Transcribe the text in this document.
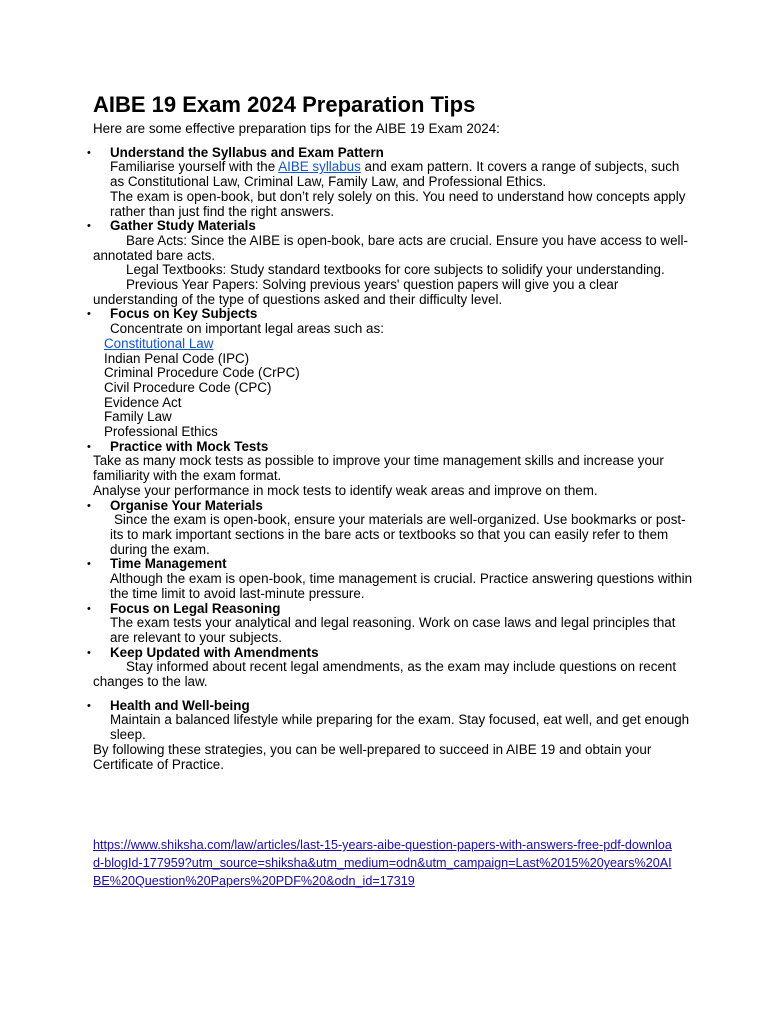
AIBE 19 Exam 2024 Preparation Tips

Here are some effective preparation tips for the AIBE 19 Exam 2024:

• Understand the Syllabus and Exam Pattern

Familiarise yourself with the AIBE syllabus and exam pattern. It covers a range of subjects, such as Constitutional Law, Criminal Law, Family Law, and Professional Ethics.

The exam is open-book, but don’t rely solely on this. You need to understand how concepts apply rather than just find the right answers.

• Gather Study Materials

Bare Acts: Since the AIBE is open-book, bare acts are crucial. Ensure you have access to well-annotated bare acts.

Legal Textbooks: Study standard textbooks for core subjects to solidify your understanding.

Previous Year Papers: Solving previous years' question papers will give you a clear understanding of the type of questions asked and their difficulty level.

• Focus on Key Subjects

Concentrate on important legal areas such as:

Constitutional Law

Indian Penal Code (IPC)

Criminal Procedure Code (CrPC)

Civil Procedure Code (CPC)

Evidence Act

Family Law

Professional Ethics

• Practice with Mock Tests

Take as many mock tests as possible to improve your time management skills and increase your familiarity with the exam format.

Analyse your performance in mock tests to identify weak areas and improve on them.

• Organise Your Materials

Since the exam is open-book, ensure your materials are well-organized. Use bookmarks or post-its to mark important sections in the bare acts or textbooks so that you can easily refer to them during the exam.

• Time Management

Although the exam is open-book, time management is crucial. Practice answering questions within the time limit to avoid last-minute pressure.

• Focus on Legal Reasoning

The exam tests your analytical and legal reasoning. Work on case laws and legal principles that are relevant to your subjects.

• Keep Updated with Amendments

Stay informed about recent legal amendments, as the exam may include questions on recent changes to the law.

• Health and Well-being

Maintain a balanced lifestyle while preparing for the exam. Stay focused, eat well, and get enough sleep.

By following these strategies, you can be well-prepared to succeed in AIBE 19 and obtain your Certificate of Practice.

https://www.shiksha.com/law/articles/last-15-years-aibe-question-papers-with-answers-free-pdf-download-blogId-177959?utm_source=shiksha&utm_medium=odn&utm_campaign=Last%2015%20years%20AIBE%20Question%20Papers%20PDF%20&odn_id=17319
